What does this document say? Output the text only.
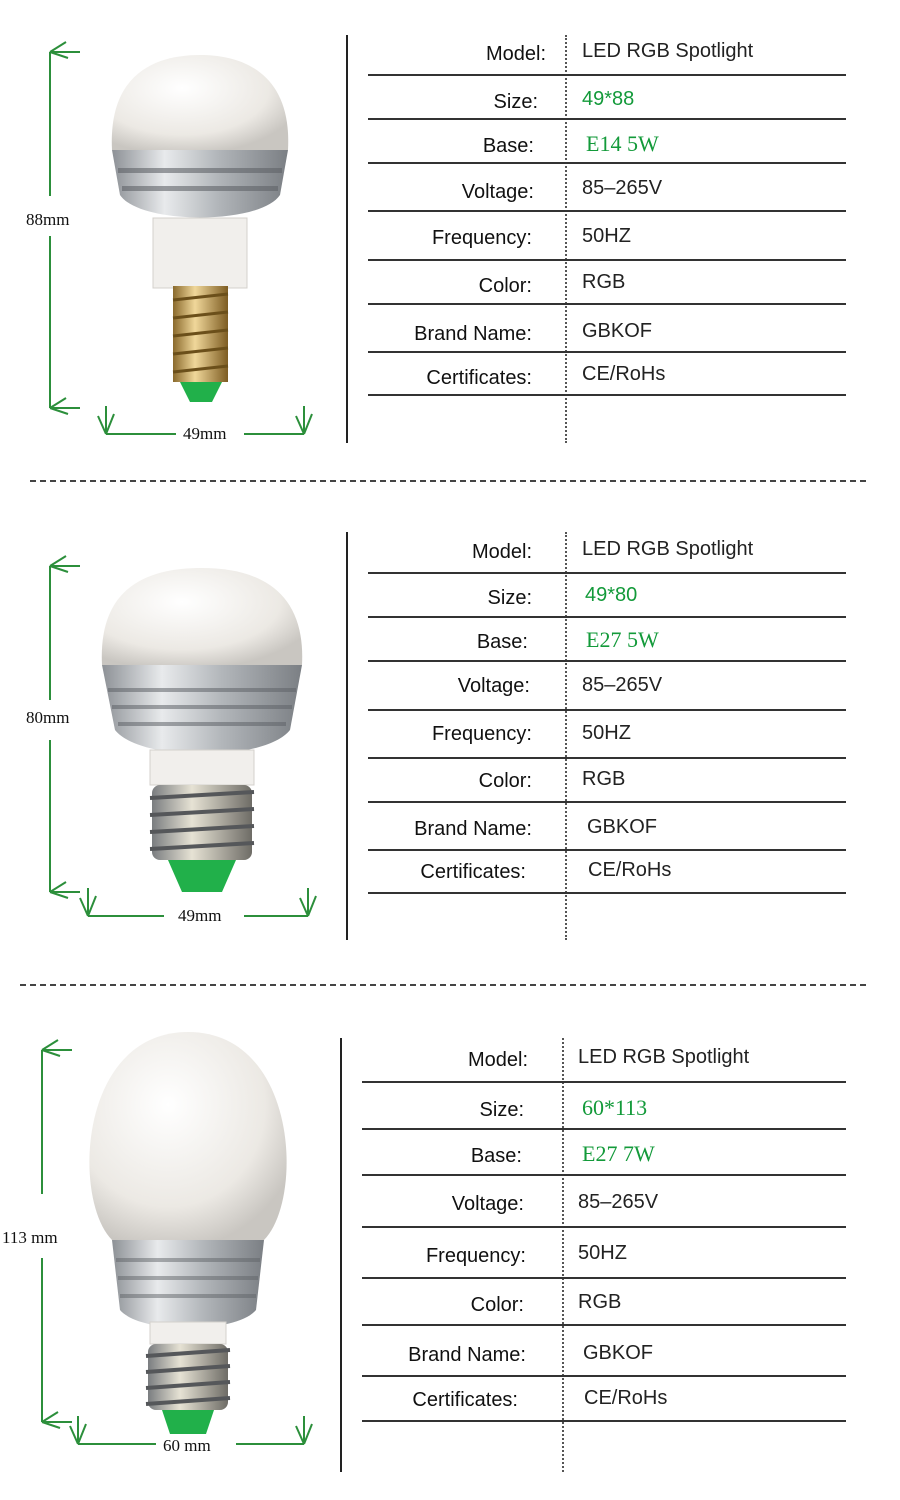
88mm
49mm
Model: LED RGB Spotlight
Size: 49*88
Base: E14 5W
Voltage: 85–265V
Frequency:	50HZ
Color:	RGB
Brand Name:	GBKOF
Certificates:	CE/RoHs
80mm
49mm
Model:	LED RGB Spotlight
Size:	49*80
Base:	E27 5W
Voltage:	85–265V
Frequency:	50HZ
Color:	RGB
Brand Name:	GBKOF
Certificates:	CE/RoHs
113 mm
60 mm
Model:	LED RGB Spotlight
Size:	60*113
Base:	E27 7W
Voltage:	85–265V
Frequency:	50HZ
Color:	RGB
Brand Name:	GBKOF
Certificates:	CE/RoHs
